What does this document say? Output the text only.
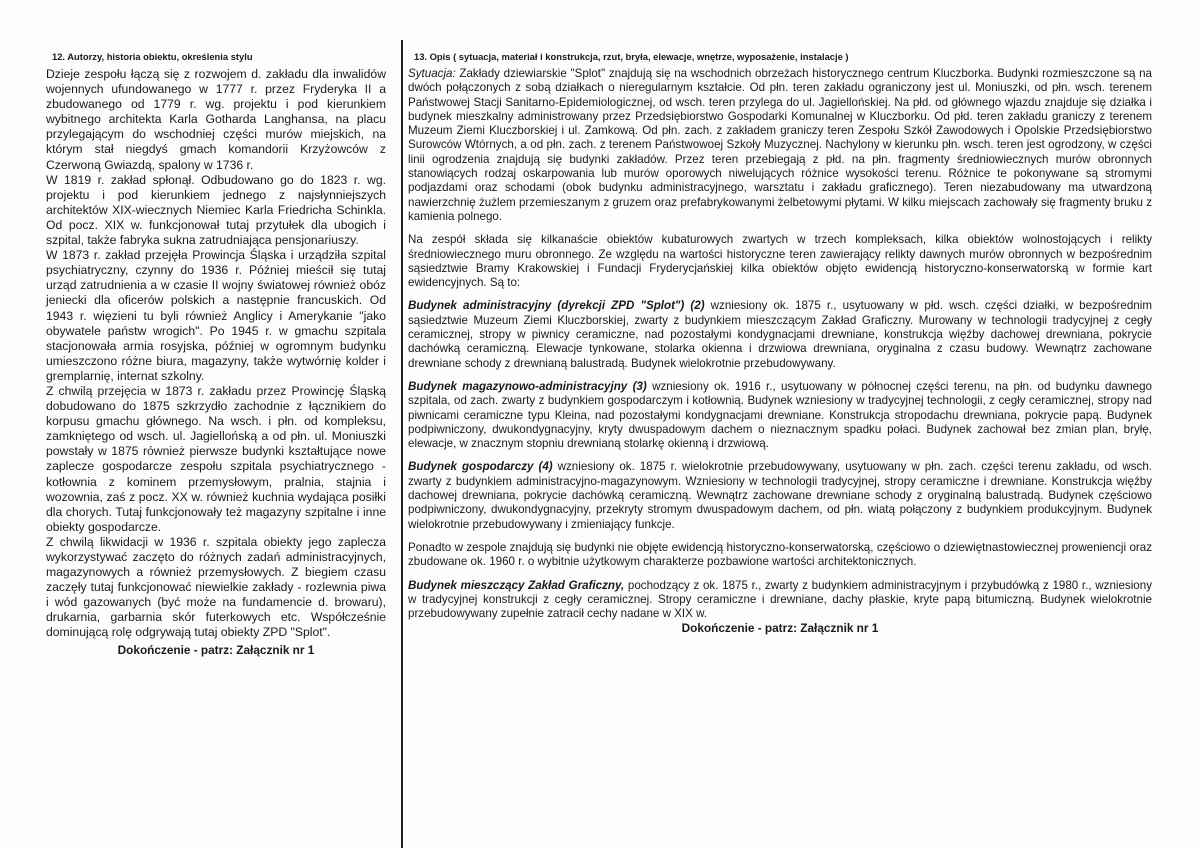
12. Autorzy, historia obiektu, określenia stylu

Dzieje zespołu łączą się z rozwojem d. zakładu dla inwalidów wojennych ufundowanego w 1777 r. przez Fryderyka II a zbudowanego od 1779 r. wg. projektu i pod kierunkiem wybitnego architekta Karla Gotharda Langhansa, na placu przylegającym do wschodniej części murów miejskich, na którym stał niegdyś gmach komandorii Krzyżowców z Czerwoną Gwiazdą, spalony w 1736 r.

W 1819 r. zakład spłonął. Odbudowano go do 1823 r. wg. projektu i pod kierunkiem jednego z najsłynniejszych architektów XIX-wiecznych Niemiec Karla Friedricha Schinkla. Od pocz. XIX w. funkcjonował tutaj przytułek dla ubogich i szpital, także fabryka sukna zatrudniająca pensjonariuszy.

W 1873 r. zakład przejęła Prowincja Śląska i urządziła szpital psychiatryczny, czynny do 1936 r. Później mieścił się tutaj urząd zatrudnienia a w czasie II wojny światowej również obóz jeniecki dla oficerów polskich a następnie francuskich. Od 1943 r. więzieni tu byli również Anglicy i Amerykanie "jako obywatele państw wrogich". Po 1945 r. w gmachu szpitala stacjonowała armia rosyjska, później w ogromnym budynku umieszczono różne biura, magazyny, także wytwórnię kolder i gremplarnię, internat szkolny.

Z chwilą przejęcia w 1873 r. zakładu przez Prowincję Śląską dobudowano do 1875 szkrzydło zachodnie z łącznikiem do korpusu gmachu głównego. Na wsch. i płn. od kompleksu, zamkniętego od wsch. ul. Jagiellońską a od płn. ul. Moniuszki powstały w 1875 również pierwsze budynki kształtujące nowe zaplecze gospodarcze zespołu szpitala psychiatrycznego - kotłownia z kominem przemysłowym, pralnia, stajnia i wozownia, zaś z pocz. XX w. również kuchnia wydająca posiłki dla chorych. Tutaj funkcjonowały też magazyny szpitalne i inne obiekty gospodarcze.

Z chwilą likwidacji w 1936 r. szpitala obiekty jego zaplecza wykorzystywać zaczęto do różnych zadań administracyjnych, magazynowych a również przemysłowych. Z biegiem czasu zaczęły tutaj funkcjonować niewielkie zakłady - rozlewnia piwa i wód gazowanych (być może na fundamencie d. browaru), drukarnia, garbarnia skór futerkowych etc. Współcześnie dominującą rolę odgrywają tutaj obiekty ZPD "Splot".

Dokończenie - patrz: Załącznik nr 1
13. Opis ( sytuacja, materiał i konstrukcja, rzut, bryła, elewacje, wnętrze, wyposażenie, instalacje )

Sytuacja: Zakłady dziewiarskie "Splot" znajdują się na wschodnich obrzeżach historycznego centrum Kluczborka. Budynki rozmieszczone są na dwóch połączonych z sobą działkach o nieregularnym kształcie. Od płn. teren zakładu ograniczony jest ul. Moniuszki, od płn. wsch. terenem Państwowej Stacji Sanitarno-Epidemiologicznej, od wsch. teren przylega do ul. Jagiellońskiej. Na płd. od głównego wjazdu znajduje się działka i budynek mieszkalny administrowany przez Przedsiębiorstwo Gospodarki Komunalnej w Kluczborku. Od płd. teren zakładu graniczy z terenem Muzeum Ziemi Kluczborskiej i ul. Zamkową. Od płn. zach. z zakładem graniczy teren Zespołu Szkół Zawodowych i Opolskie Przedsiębiorstwo Surowców Wtórnych, a od płn. zach. z terenem Państwowoej Szkoły Muzycznej. Nachylony w kierunku płn. wsch. teren jest ogrodzony, w części linii ogrodzenia znajdują się budynki zakładów. Przez teren przebiegają z płd. na płn. fragmenty średniowiecznych murów obronnych stanowiących rodzaj oskarpowania lub murów oporowych niwelujących różnice wysokości terenu. Różnice te pokonywane są stromymi podjazdami oraz schodami (obok budynku administracyjnego, warsztatu i zakładu graficznego). Teren niezabudowany ma utwardzoną nawierzchnię żużlem przemieszanym z gruzem oraz prefabrykowanymi żelbetowymi płytami. W kilku miejscach zachowały się fragmenty bruku z kamienia polnego.

Na zespół składa się kilkanaście obiektów kubaturowych zwartych w trzech kompleksach, kilka obiektów wolnostojących i relikty średniowiecznego muru obronnego. Ze względu na wartości historyczne teren zawierający relikty dawnych murów obronnych w bezpośrednim sąsiedztwie Bramy Krakowskiej i Fundacji Fryderycjańskiej kilka obiektów objęto ewidencją historyczno-konserwatorską w formie kart ewidencyjnych. Są to:

Budynek administracyjny (dyrekcji ZPD "Splot") (2) wzniesiony ok. 1875 r., usytuowany w płd. wsch. części działki, w bezpośrednim sąsiedztwie Muzeum Ziemi Kluczborskiej, zwarty z budynkiem mieszczącym Zakład Graficzny. Murowany w technologii tradycyjnej z cegły ceramicznej, stropy w piwnicy ceramiczne, nad pozostałymi kondygnacjami drewniane, konstrukcja więźby dachowej drewniana, pokrycie dachówką ceramiczną. Elewacje tynkowane, stolarka okienna i drzwiowa drewniana, oryginalna z czasu budowy. Wewnątrz zachowane drewniane schody z drewnianą balustradą. Budynek wielokrotnie przebudowywany.

Budynek magazynowo-administracyjny (3) wzniesiony ok. 1916 r., usytuowany w północnej części terenu, na płn. od budynku dawnego szpitala, od zach. zwarty z budynkiem gospodarczym i kotłownią. Budynek wzniesiony w tradycyjnej technologii, z cegły ceramicznej, stropy nad piwnicami ceramiczne typu Kleina, nad pozostałymi kondygnacjami drewniane. Konstrukcja stropodachu drewniana, pokrycie papą. Budynek podpiwniczony, dwukondygnacyjny, kryty dwuspadowym dachem o nieznacznym spadku połaci. Budynek zachował bez zmian plan, bryłę, elewacje, w znacznym stopniu drewnianą stolarkę okienną i drzwiową.

Budynek gospodarczy (4) wzniesiony ok. 1875 r. wielokrotnie przebudowywany, usytuowany w płn. zach. części terenu zakładu, od wsch. zwarty z budynkiem administracyjno-magazynowym. Wzniesiony w technologii tradycyjnej, stropy ceramiczne i drewniane. Konstrukcja więźby dachowej drewniana, pokrycie dachówką ceramiczną. Wewnątrz zachowane drewniane schody z oryginalną balustradą. Budynek częściowo podpiwniczony, dwukondygnacyjny, przekryty stromym dwuspadowym dachem, od płn. wiatą połączony z budynkiem produkcyjnym. Budynek wielokrotnie przebudowywany i zmieniający funkcje.

Ponadto w zespole znajdują się budynki nie objęte ewidencją historyczno-konserwatorską, częściowo o dziewiętnastowiecznej proweniencji oraz zbudowane ok. 1960 r. o wybitnie użytkowym charakterze pozbawione wartości architektonicznych.

Budynek mieszczący Zakład Graficzny, pochodzący z ok. 1875 r., zwarty z budynkiem administracyjnym i przybudówką z 1980 r., wzniesiony w tradycyjnej konstrukcji z cegły ceramicznej. Stropy ceramiczne i drewniane, dachy płaskie, kryte papą bitumiczną. Budynek wielokrotnie przebudowywany zupełnie zatracił cechy nadane w XIX w.

Dokończenie - patrz: Załącznik nr 1
